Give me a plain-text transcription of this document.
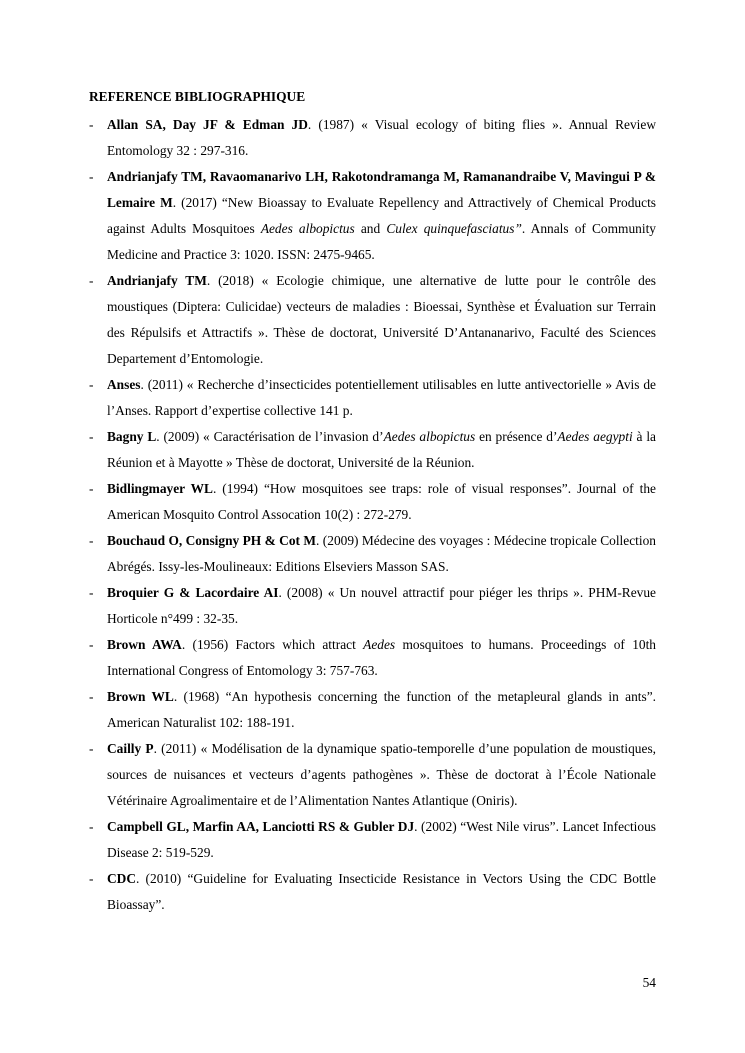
REFERENCE BIBLIOGRAPHIQUE
- Allan SA, Day JF & Edman JD. (1987) « Visual ecology of biting flies ». Annual Review Entomology 32 : 297-316.
- Andrianjafy TM, Ravaomanarivo LH, Rakotondramanga M, Ramanandraibe V, Mavingui P & Lemaire M. (2017) “New Bioassay to Evaluate Repellency and Attractively of Chemical Products against Adults Mosquitoes Aedes albopictus and Culex quinquefasciatus”. Annals of Community Medicine and Practice 3: 1020. ISSN: 2475-9465.
- Andrianjafy TM. (2018) « Ecologie chimique, une alternative de lutte pour le contrôle des moustiques (Diptera: Culicidae) vecteurs de maladies : Bioessai, Synthèse et Évaluation sur Terrain des Répulsifs et Attractifs ». Thèse de doctorat, Université D’Antananarivo, Faculté des Sciences Departement d’Entomologie.
- Anses. (2011) « Recherche d’insecticides potentiellement utilisables en lutte antivectorielle » Avis de l’Anses. Rapport d’expertise collective 141 p.
- Bagny L. (2009) « Caractérisation de l’invasion d’Aedes albopictus en présence d’Aedes aegypti à la Réunion et à Mayotte » Thèse de doctorat, Université de la Réunion.
- Bidlingmayer WL. (1994) “How mosquitoes see traps: role of visual responses”. Journal of the American Mosquito Control Assocation 10(2) : 272-279.
- Bouchaud O, Consigny PH & Cot M. (2009) Médecine des voyages : Médecine tropicale Collection Abrégés. Issy-les-Moulineaux: Editions Elseviers Masson SAS.
- Broquier G & Lacordaire AI. (2008) « Un nouvel attractif pour piéger les thrips ». PHM-Revue Horticole n°499 : 32-35.
- Brown AWA. (1956) Factors which attract Aedes mosquitoes to humans. Proceedings of 10th International Congress of Entomology 3: 757-763.
- Brown WL. (1968) “An hypothesis concerning the function of the metapleural glands in ants”. American Naturalist 102: 188-191.
- Cailly P. (2011) « Modélisation de la dynamique spatio-temporelle d’une population de moustiques, sources de nuisances et vecteurs d’agents pathogènes ». Thèse de doctorat à l’École Nationale Vétérinaire Agroalimentaire et de l’Alimentation Nantes Atlantique (Oniris).
- Campbell GL, Marfin AA, Lanciotti RS & Gubler DJ. (2002) “West Nile virus”. Lancet Infectious Disease 2: 519-529.
- CDC. (2010) “Guideline for Evaluating Insecticide Resistance in Vectors Using the CDC Bottle Bioassay”.
54
